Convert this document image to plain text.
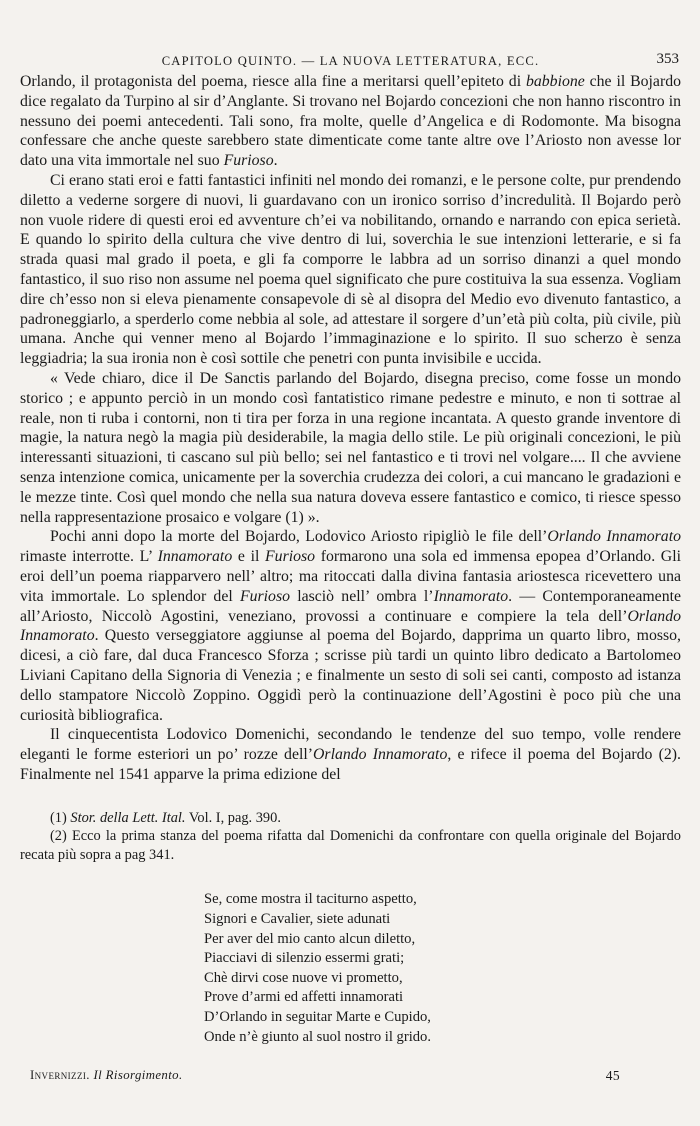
CAPITOLO QUINTO. — LA NUOVA LETTERATURA, ECC.	353

Orlando, il protagonista del poema, riesce alla fine a meritarsi quell’epiteto di babbione che il Bojardo dice regalato da Turpino al sir d’Anglante. Si trovano nel Bojardo concezioni che non hanno riscontro in nessuno dei poemi antecedenti. Tali sono, fra molte, quelle d’Angelica e di Rodomonte. Ma bisogna confessare che anche queste sarebbero state dimenticate come tante altre ove l’Ariosto non avesse lor dato una vita immortale nel suo Furioso.

Ci erano stati eroi e fatti fantastici infiniti nel mondo dei romanzi, e le persone colte, pur prendendo diletto a vederne sorgere di nuovi, li guardavano con un ironico sorriso d’incredulità. Il Bojardo però non vuole ridere di questi eroi ed avventure ch’ei va nobilitando, ornando e narrando con epica serietà. E quando lo spirito della cultura che vive dentro di lui, soverchia le sue intenzioni letterarie, e si fa strada quasi mal grado il poeta, e gli fa comporre le labbra ad un sorriso dinanzi a quel mondo fantastico, il suo riso non assume nel poema quel significato che pure costituiva la sua essenza. Vogliam dire ch’esso non si eleva pienamente consapevole di sè al disopra del Medio evo divenuto fantastico, a padroneggiarlo, a sperderlo come nebbia al sole, ad attestare il sorgere d’un’età più colta, più civile, più umana. Anche qui venner meno al Bojardo l’immaginazione e lo spirito. Il suo scherzo è senza leggiadria; la sua ironia non è così sottile che penetri con punta invisibile e uccida.

« Vede chiaro, dice il De Sanctis parlando del Bojardo, disegna preciso, come fosse un mondo storico ; e appunto perciò in un mondo così fantatistico rimane pedestre e minuto, e non ti sottrae al reale, non ti ruba i contorni, non ti tira per forza in una regione incantata. A questo grande inventore di magie, la natura negò la magia più desiderabile, la magia dello stile. Le più originali concezioni, le più interessanti situazioni, ti cascano sul più bello; sei nel fantastico e ti trovi nel volgare.... Il che avviene senza intenzione comica, unicamente per la soverchia crudezza dei colori, a cui mancano le gradazioni e le mezze tinte. Così quel mondo che nella sua natura doveva essere fantastico e comico, ti riesce spesso nella rappresentazione prosaico e volgare (1) ».

Pochi anni dopo la morte del Bojardo, Lodovico Ariosto ripigliò le file dell’Orlando Innamorato rimaste interrotte. L’ Innamorato e il Furioso formarono una sola ed immensa epopea d’Orlando. Gli eroi dell’un poema riapparvero nell’ altro; ma ritoccati dalla divina fantasia ariostesca ricevettero una vita immortale. Lo splendor del Furioso lasciò nell’ ombra l’Innamorato. — Contemporaneamente all’Ariosto, Niccolò Agostini, veneziano, provossi a continuare e compiere la tela dell’Orlando Innamorato. Questo verseggiatore aggiunse al poema del Bojardo, dapprima un quarto libro, mosso, dicesi, a ciò fare, dal duca Francesco Sforza ; scrisse più tardi un quinto libro dedicato a Bartolomeo Liviani Capitano della Signoria di Venezia ; e finalmente un sesto di soli sei canti, composto ad istanza dello stampatore Niccolò Zoppino. Oggidì però la continuazione dell’Agostini è poco più che una curiosità bibliografica.

Il cinquecentista Lodovico Domenichi, secondando le tendenze del suo tempo, volle rendere eleganti le forme esteriori un po’ rozze dell’Orlando Innamorato, e rifece il poema del Bojardo (2). Finalmente nel 1541 apparve la prima edizione del

(1) Stor. della Lett. Ital. Vol. I, pag. 390.

(2) Ecco la prima stanza del poema rifatta dal Domenichi da confrontare con quella originale del Bojardo recata più sopra a pag 341.

Se, come mostra il taciturno aspetto,
Signori e Cavalier, siete adunati
Per aver del mio canto alcun diletto,
Piacciavi di silenzio essermi grati;
Chè dirvi cose nuove vi prometto,
Prove d’armi ed affetti innamorati
D’Orlando in seguitar Marte e Cupido,
Onde n’è giunto al suol nostro il grido.
Invernizzi. Il Risorgimento.	45
